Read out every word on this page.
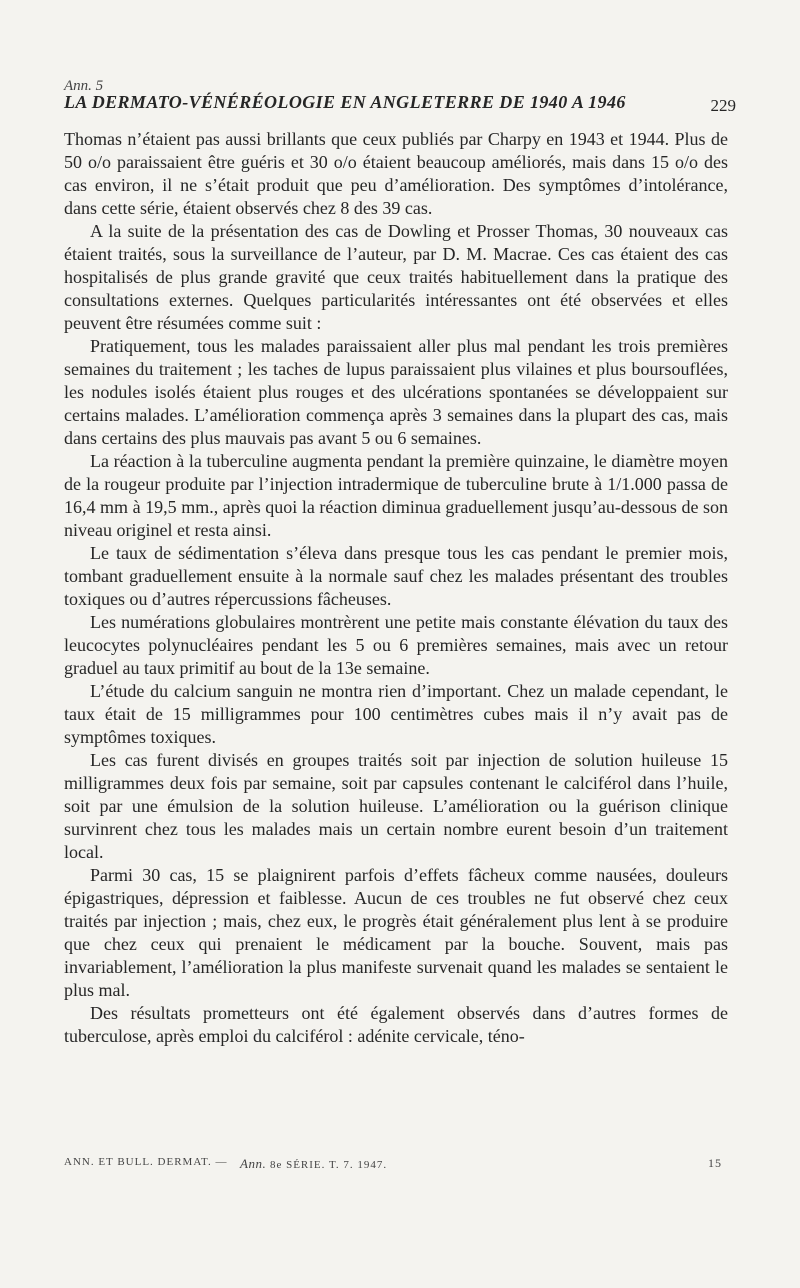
Ann. 5
LA DERMATO-VÉNÉRÉOLOGIE EN ANGLETERRE DE 1940 A 1946	229

Thomas n’étaient pas aussi brillants que ceux publiés par Charpy en 1943 et 1944. Plus de 50 o/o paraissaient être guéris et 30 o/o étaient beaucoup améliorés, mais dans 15 o/o des cas environ, il ne s’était produit que peu d’amélioration. Des symptômes d’intolérance, dans cette série, étaient observés chez 8 des 39 cas.

A la suite de la présentation des cas de Dowling et Prosser Thomas, 30 nouveaux cas étaient traités, sous la surveillance de l’auteur, par D. M. Macrae. Ces cas étaient des cas hospitalisés de plus grande gravité que ceux traités habituellement dans la pratique des consultations externes. Quelques particularités intéressantes ont été observées et elles peuvent être résumées comme suit :

Pratiquement, tous les malades paraissaient aller plus mal pendant les trois premières semaines du traitement ; les taches de lupus paraissaient plus vilaines et plus boursouflées, les nodules isolés étaient plus rouges et des ulcérations spontanées se développaient sur certains malades. L’amélioration commença après 3 semaines dans la plupart des cas, mais dans certains des plus mauvais pas avant 5 ou 6 semaines.

La réaction à la tuberculine augmenta pendant la première quinzaine, le diamètre moyen de la rougeur produite par l’injection intradermique de tuberculine brute à 1/1.000 passa de 16,4 mm à 19,5 mm., après quoi la réaction diminua graduellement jusqu’au-dessous de son niveau originel et resta ainsi.

Le taux de sédimentation s’éleva dans presque tous les cas pendant le premier mois, tombant graduellement ensuite à la normale sauf chez les malades présentant des troubles toxiques ou d’autres répercussions fâcheuses.

Les numérations globulaires montrèrent une petite mais constante élévation du taux des leucocytes polynucléaires pendant les 5 ou 6 premières semaines, mais avec un retour graduel au taux primitif au bout de la 13e semaine.

L’étude du calcium sanguin ne montra rien d’important. Chez un malade cependant, le taux était de 15 milligrammes pour 100 centimètres cubes mais il n’y avait pas de symptômes toxiques.

Les cas furent divisés en groupes traités soit par injection de solution huileuse 15 milligrammes deux fois par semaine, soit par capsules contenant le calciférol dans l’huile, soit par une émulsion de la solution huileuse. L’amélioration ou la guérison clinique survinrent chez tous les malades mais un certain nombre eurent besoin d’un traitement local.

Parmi 30 cas, 15 se plaignirent parfois d’effets fâcheux comme nausées, douleurs épigastriques, dépression et faiblesse. Aucun de ces troubles ne fut observé chez ceux traités par injection ; mais, chez eux, le progrès était généralement plus lent à se produire que chez ceux qui prenaient le médicament par la bouche. Souvent, mais pas invariablement, l’amélioration la plus manifeste survenait quand les malades se sentaient le plus mal.

Des résultats prometteurs ont été également observés dans d’autres formes de tuberculose, après emploi du calciférol : adénite cervicale, téno-

ANN. ET BULL. DERMAT. — Ann. 8e SÉRIE. T. 7. 1947.	15
